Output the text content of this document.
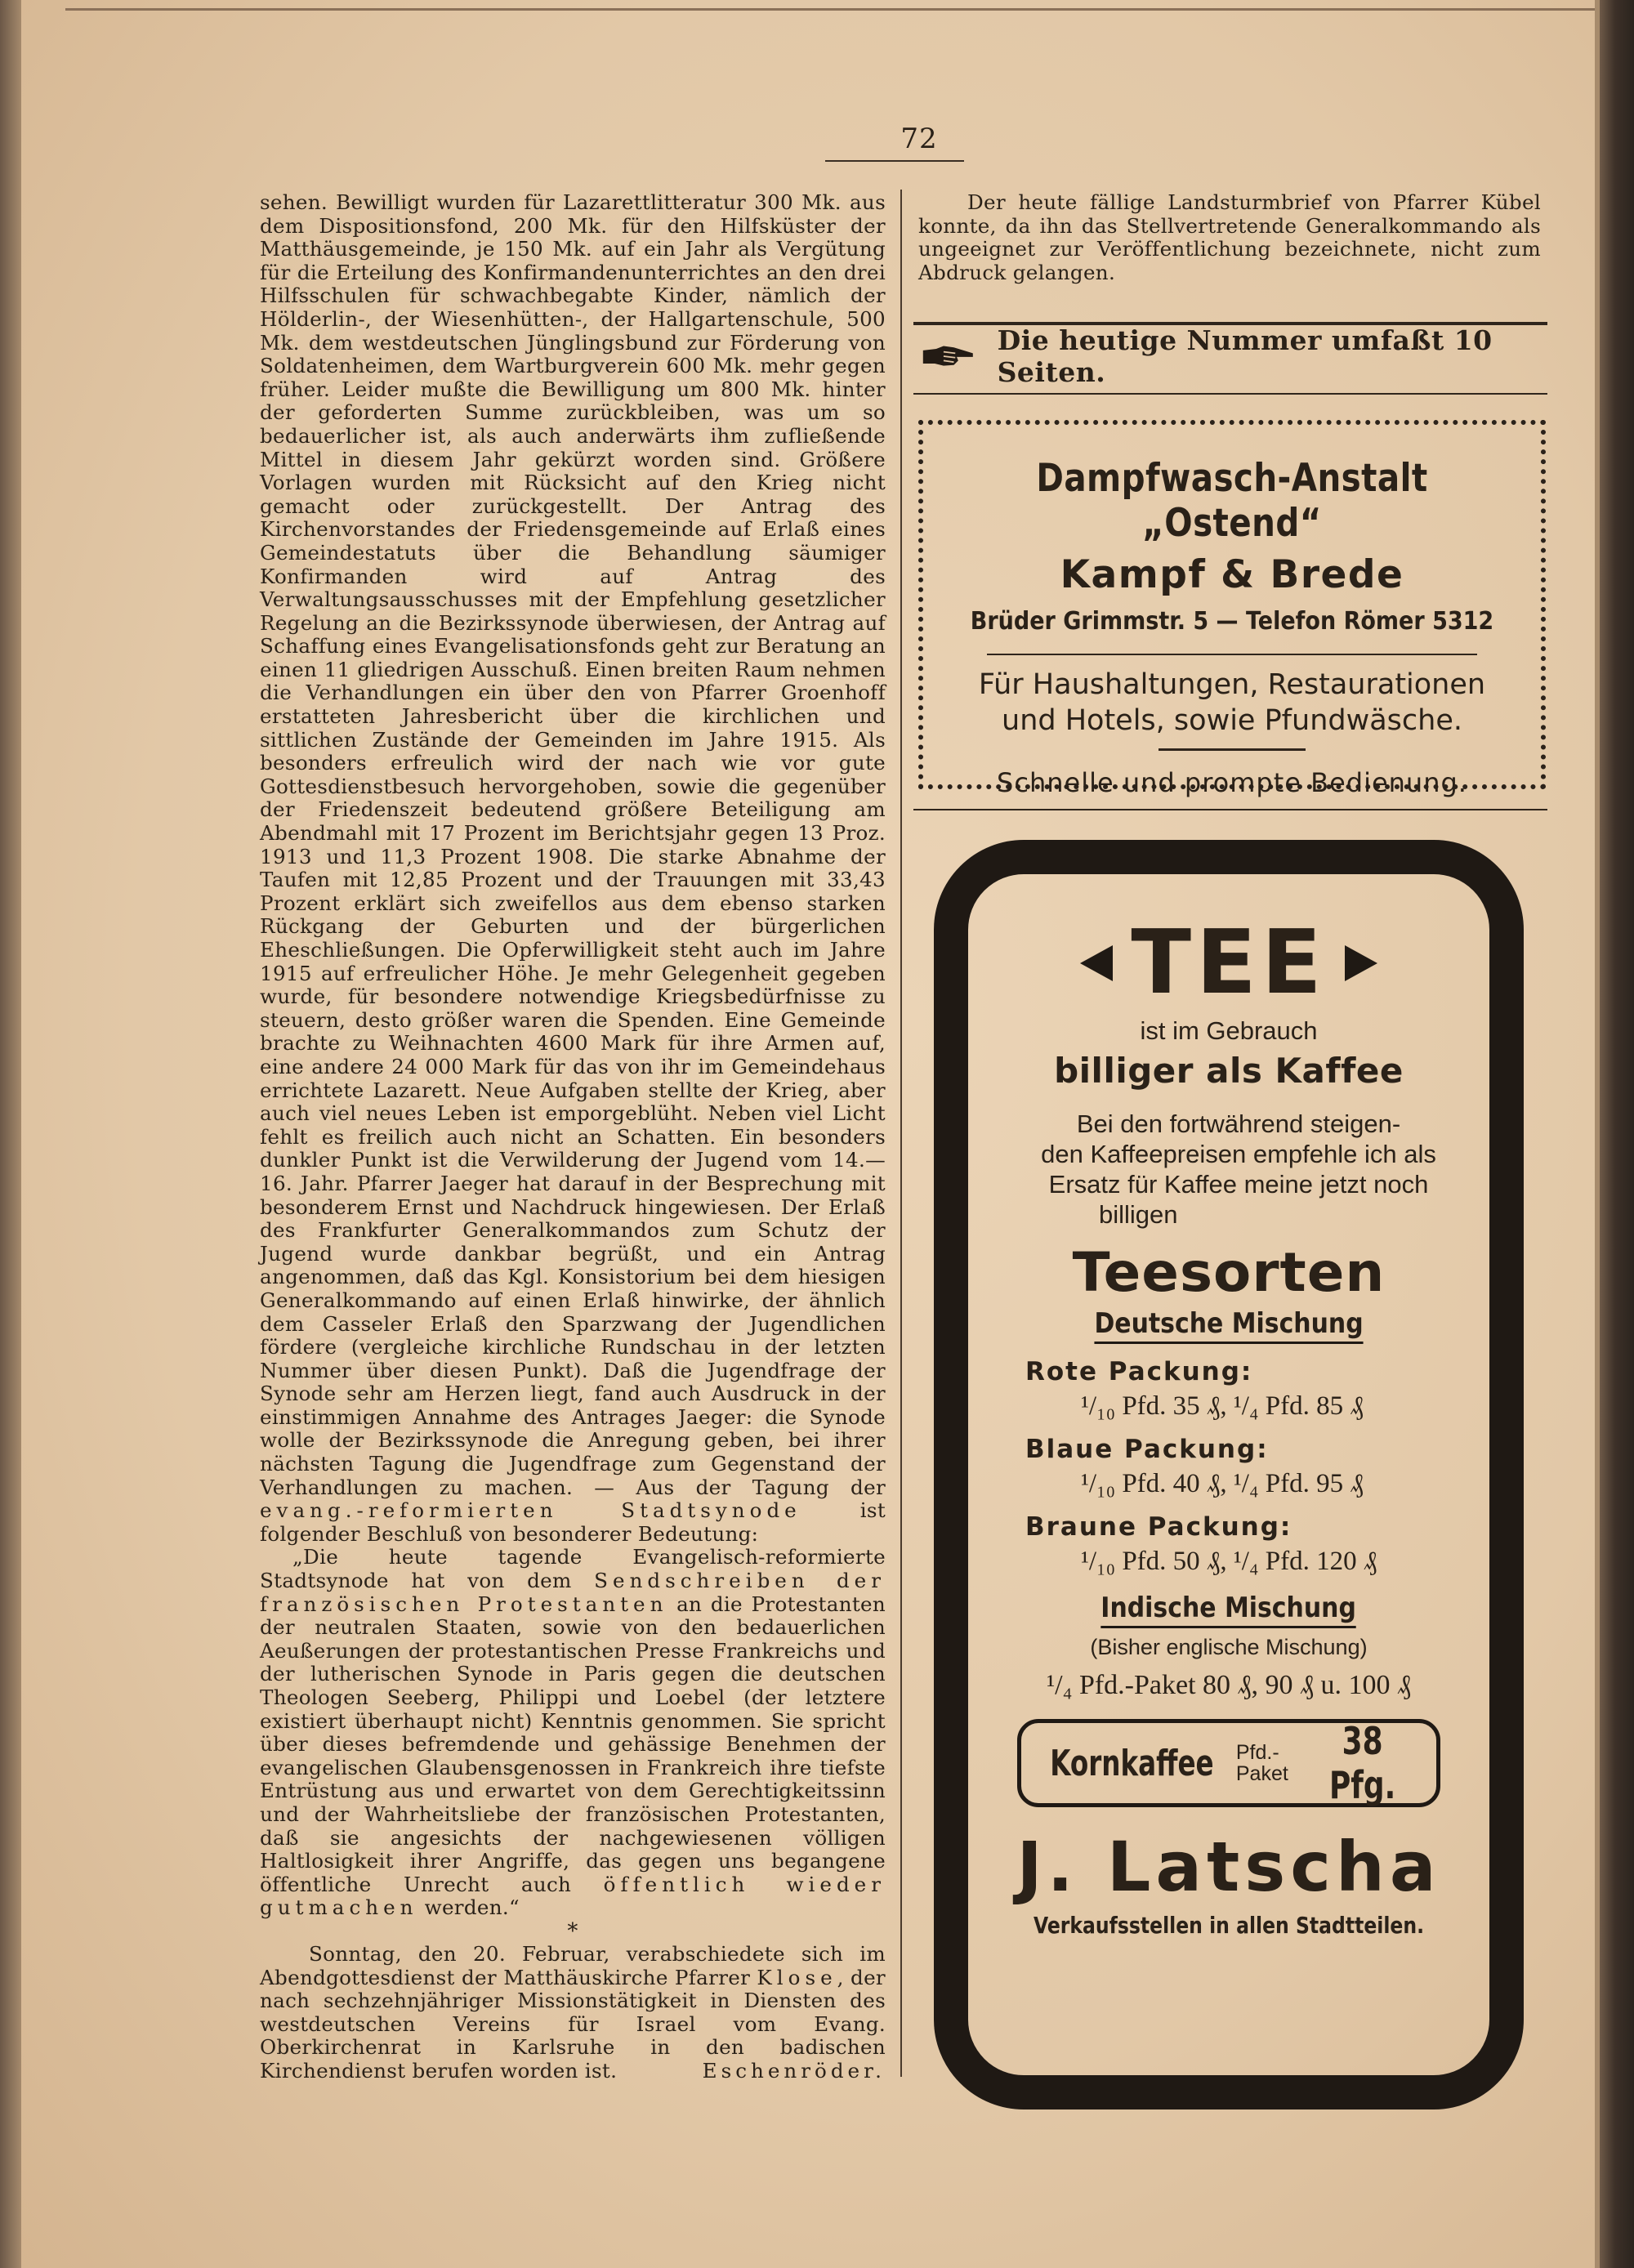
72

sehen. Bewilligt wurden für Lazarettlitteratur 300 Mk. aus dem Dispositionsfond, 200 Mk. für den Hilfsküster der Matthäusgemeinde, je 150 Mk. auf ein Jahr als Vergütung für die Erteilung des Konfirmandenunterrichtes an den drei Hilfsschulen für schwachbegabte Kinder, nämlich der Hölderlin-, der Wiesenhütten-, der Hallgartenschule, 500 Mk. dem westdeutschen Jünglingsbund zur Förderung von Soldatenheimen, dem Wartburgverein 600 Mk. mehr gegen früher. Leider mußte die Bewilligung um 800 Mk. hinter der geforderten Summe zurückbleiben, was um so bedauerlicher ist, als auch anderwärts ihm zufließende Mittel in diesem Jahr gekürzt worden sind. Größere Vorlagen wurden mit Rücksicht auf den Krieg nicht gemacht oder zurückgestellt. Der Antrag des Kirchenvorstandes der Friedensgemeinde auf Erlaß eines Gemeindestatuts über die Behandlung säumiger Konfirmanden wird auf Antrag des Verwaltungsausschusses mit der Empfehlung gesetzlicher Regelung an die Bezirkssynode überwiesen, der Antrag auf Schaffung eines Evangelisationsfonds geht zur Beratung an einen 11 gliedrigen Ausschuß. Einen breiten Raum nehmen die Verhandlungen ein über den von Pfarrer Groenhoff erstatteten Jahresbericht über die kirchlichen und sittlichen Zustände der Gemeinden im Jahre 1915. Als besonders erfreulich wird der nach wie vor gute Gottesdienstbesuch hervorgehoben, sowie die gegenüber der Friedenszeit bedeutend größere Beteiligung am Abendmahl mit 17 Prozent im Berichtsjahr gegen 13 Proz. 1913 und 11,3 Prozent 1908. Die starke Abnahme der Taufen mit 12,85 Prozent und der Trauungen mit 33,43 Prozent erklärt sich zweifellos aus dem ebenso starken Rückgang der Geburten und der bürgerlichen Eheschließungen. Die Opferwilligkeit steht auch im Jahre 1915 auf erfreulicher Höhe. Je mehr Gelegenheit gegeben wurde, für besondere notwendige Kriegsbedürfnisse zu steuern, desto größer waren die Spenden. Eine Gemeinde brachte zu Weihnachten 4600 Mark für ihre Armen auf, eine andere 24 000 Mark für das von ihr im Gemeindehaus errichtete Lazarett. Neue Aufgaben stellte der Krieg, aber auch viel neues Leben ist emporgeblüht. Neben viel Licht fehlt es freilich auch nicht an Schatten. Ein besonders dunkler Punkt ist die Verwilderung der Jugend vom 14.—16. Jahr. Pfarrer Jaeger hat darauf in der Besprechung mit besonderem Ernst und Nachdruck hingewiesen. Der Erlaß des Frankfurter Generalkommandos zum Schutz der Jugend wurde dankbar begrüßt, und ein Antrag angenommen, daß das Kgl. Konsistorium bei dem hiesigen Generalkommando auf einen Erlaß hinwirke, der ähnlich dem Casseler Erlaß den Sparzwang der Jugendlichen fördere (vergleiche kirchliche Rundschau in der letzten Nummer über diesen Punkt). Daß die Jugendfrage der Synode sehr am Herzen liegt, fand auch Ausdruck in der einstimmigen Annahme des Antrages Jaeger: die Synode wolle der Bezirkssynode die Anregung geben, bei ihrer nächsten Tagung die Jugendfrage zum Gegenstand der Verhandlungen zu machen. — Aus der Tagung der evang.-reformierten Stadtsynode ist folgender Beschluß von besonderer Bedeutung:

„Die heute tagende Evangelisch-reformierte Stadtsynode hat von dem Sendschreiben der französischen Protestanten an die Protestanten der neutralen Staaten, sowie von den bedauerlichen Aeußerungen der protestantischen Presse Frankreichs und der lutherischen Synode in Paris gegen die deutschen Theologen Seeberg, Philippi und Loebel (der letztere existiert überhaupt nicht) Kenntnis genommen. Sie spricht über dieses befremdende und gehässige Benehmen der evangelischen Glaubensgenossen in Frankreich ihre tiefste Entrüstung aus und erwartet von dem Gerechtigkeitssinn und der Wahrheitsliebe der französischen Protestanten, daß sie angesichts der nachgewiesenen völligen Haltlosigkeit ihrer Angriffe, das gegen uns begangene öffentliche Unrecht auch öffentlich wieder gutmachen werden.“

*

Sonntag, den 20. Februar, verabschiedete sich im Abendgottesdienst der Matthäuskirche Pfarrer Klose, der nach sechzehnjähriger Missionstätigkeit in Diensten des westdeutschen Vereins für Israel vom Evang. Oberkirchenrat in Karlsruhe in den badischen Kirchendienst berufen worden ist.	Eschenröder.

Der heute fällige Landsturmbrief von Pfarrer Kübel konnte, da ihn das Stellvertretende Generalkommando als ungeeignet zur Veröffentlichung bezeichnete, nicht zum Abdruck gelangen.
Die heutige Nummer umfaßt 10 Seiten.
Dampfwasch-Anstalt „Ostend“
Kampf & Brede
Brüder Grimmstr. 5 — Telefon Römer 5312
Für Haushaltungen, Restaurationen
und Hotels, sowie Pfundwäsche.
Schnelle und prompte Bedienung.
TEE
ist im Gebrauch
billiger als Kaffee
Bei den fortwährend steigen-
den Kaffeepreisen empfehle ich als
Ersatz für Kaffee meine jetzt noch
billigen
Teesorten
Deutsche Mischung
Rote Packung:
¹/₁₀ Pfd. 35 ₰, ¹/₄ Pfd. 85 ₰
Blaue Packung:
¹/₁₀ Pfd. 40 ₰, ¹/₄ Pfd. 95 ₰
Braune Packung:
¹/₁₀ Pfd. 50 ₰, ¹/₄ Pfd. 120 ₰
Indische Mischung
(Bisher englische Mischung)
¹/₄ Pfd.-Paket 80 ₰, 90 ₰ u. 100 ₰
Kornkaffee Pfd.-
Paket
38 Pfg.
J. Latscha
Verkaufsstellen in allen Stadtteilen.
